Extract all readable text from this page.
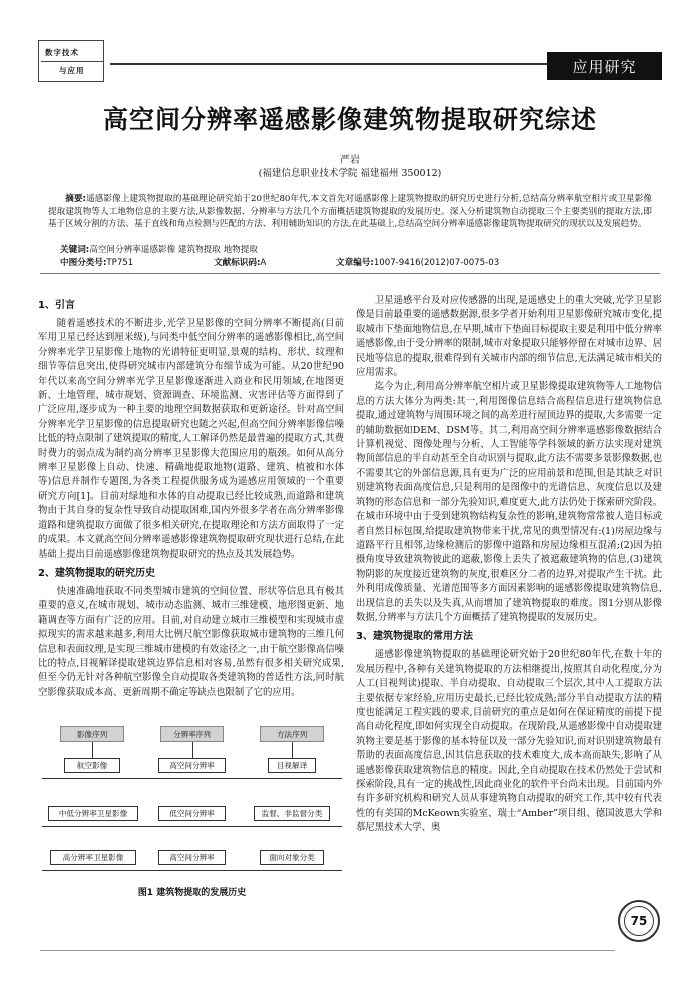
数字技术
与应用	应用研究
高空间分辨率遥感影像建筑物提取研究综述
严岩
(福建信息职业技术学院 福建福州 350012)
摘要:遥感影像上建筑物提取的基础理论研究始于20世纪80年代,本文首先对遥感影像上建筑物提取的研究历史进行分析,总结高分辨率航空相片或卫星影像提取建筑物等人工地物信息的主要方法,从影像数据、分辨率与方法几个方面概括建筑物提取的发展历史。深入分析建筑物自动提取三个主要类别的提取方法,即基于区域分割的方法、基于直线和角点检测与匹配的方法、利用辅助知识的方法,在此基础上,总结高空间分辨率遥感影像建筑物提取研究的现状以及发展趋势。
关键词:高空间分辨率遥感影像 建筑物提取 地物提取
中图分类号:TP751	文献标识码:A	文章编号:1007-9416(2012)07-0075-03
1、引言

随着遥感技术的不断进步,光学卫星影像的空间分辨率不断提高(目前军用卫星已经达到厘米级),与同类中低空间分辨率的遥感影像相比,高空间分辨率光学卫星影像上地物的光谱特征更明显,景观的结构、形状、纹理和细节等信息突出,使得研究城市内部建筑分布细节成为可能。从20世纪90年代以来高空间分辨率光学卫星影像逐渐进入商业和民用领域,在地图更新、土地管理、城市规划、资源调查、环境监测、灾害评估等方面得到了广泛应用,逐步成为一种主要的地理空间数据获取和更新途径。针对高空间分辨率光学卫星影像的信息提取研究也随之兴起,但高空间分辨率影像信噪比低的特点限制了建筑提取的精度,人工解译仍然是最普遍的提取方式,其费时费力的弱点成为制约高分辨率卫星影像大范围应用的瓶颈。如何从高分辨率卫星影像上自动、快速、精确地提取地物(道路、建筑、植被和水体等)信息并制作专题图,为各类工程提供服务成为遥感应用领域的一个重要研究方向[1]。目前对绿地和水体的自动提取已经比较成熟,而道路和建筑物由于其自身的复杂性导致自动提取困难,国内外很多学者在高分辨率影像道路和建筑提取方面做了很多相关研究,在提取理论和方法方面取得了一定的成果。本文就高空间分辨率遥感影像建筑物提取研究现状进行总结,在此基础上提出目前遥感影像建筑物提取研究的热点及其发展趋势。

2、建筑物提取的研究历史

快速准确地获取不同类型城市建筑的空间位置、形状等信息具有极其重要的意义,在城市规划、城市动态监测、城市三维建模、地形图更新、地籍调查等方面有广泛的应用。目前,对自动建立城市三维模型和实现城市虚拟现实的需求越来越多,利用大比例尺航空影像获取城市建筑物的三维几何信息和表面纹理,是实现三维城市建模的有效途径之一,由于航空影像高信噪比的特点,目视解译提取建筑边界信息相对容易,虽然有很多相关研究成果,但至今仍无针对各种航空影像全自动提取各类建筑物的普适性方法,同时航空影像获取成本高、更新周期不确定等缺点也限制了它的应用。

卫星遥感平台及对应传感器的出现,是遥感史上的重大突破,光学卫星影像是目前最重要的遥感数据源,很多学者开始利用卫星影像研究城市变化,提取城市下垫面地物信息,在早期,城市下垫面目标提取主要是利用中低分辨率遥感影像,由于受分辨率的限制,城市对象提取只能够停留在对城市边界、居民地等信息的提取,很难得到有关城市内部的细节信息,无法满足城市相关的应用需求。

迄今为止,利用高分辨率航空相片或卫星影像提取建筑物等人工地物信息的方法大体分为两类:其一,利用图像信息结合高程信息进行建筑物信息提取,通过建筑物与周围环境之间的高差进行屋顶边界的提取,大多需要一定的辅助数据如DEM、DSM等。其二,利用高空间分辨率遥感影像数据结合计算机视觉、图像处理与分析、人工智能等学科领域的新方法实现对建筑物顶部信息的半自动甚至全自动识别与提取,此方法不需要多景影像数据,也不需要其它的外部信息源,具有更为广泛的应用前景和范围,但是其缺乏对识别建筑物表面高度信息,只是利用的是图像中的光谱信息、灰度信息以及建筑物的形态信息和一部分先验知识,难度更大,此方法仍处于探索研究阶段。在城市环境中由于受到建筑物结构复杂性的影响,建筑物常常被人造目标或者自然目标包围,给提取建筑物带来干扰,常见的典型情况有:(1)房屋边缘与道路平行且相邻,边缘检测后的影像中道路和房屋边缘相互混淆;(2)因为拍摄角度导致建筑物彼此的遮蔽,影像上丢失了被遮蔽建筑物的信息,(3)建筑物阴影的灰度接近建筑物的灰度,很难区分二者的边界,对提取产生干扰。此外利用成像质量、光谱范围等多方面因素影响的遥感影像提取建筑物信息,出现信息的丢失以及失真,从而增加了建筑物提取的难度。图1分别从影像数据,分辨率与方法几个方面概括了建筑物提取的发展历史。

3、建筑物提取的常用方法

遥感影像建筑物提取的基础理论研究始于20世纪80年代,在数十年的发展历程中,各种有关建筑物提取的方法相继提出,按照其自动化程度,分为人工(目视判读)提取、半自动提取、自动提取三个层次,其中人工提取方法主要依据专家经验,应用历史最长,已经比较成熟;部分半自动提取方法的精度也能满足工程实践的要求,目前研究的重点是如何在保证精度的前提下提高自动化程度,即如何实现全自动提取。在现阶段,从遥感影像中自动提取建筑物主要是基于影像的基本特征以及一部分先验知识,而对识别建筑物最有帮助的表面高度信息,因其信息获取的技术难度大,成本高而缺失,影响了从遥感影像获取建筑物信息的精度。因此,全自动提取在技术仍然处于尝试和探索阶段,具有一定的挑战性,因此商业化的软件平台尚未出现。目前国内外有许多研究机构和研究人员从事建筑物自动提取的研究工作,其中较有代表性的有美国的McKeown实验室、瑞士“Amber”项目组、德国波恩大学和慕尼黑技术大学、奥

影像序列	分辨率序列	方法序列
航空影像	高空间分辨率	目视解译
中低分辨率卫星影像	低空间分辨率	监督、非监督分类
高分辨率卫星影像	高空间分辨率	面向对象分类
图1 建筑物提取的发展历史
75
